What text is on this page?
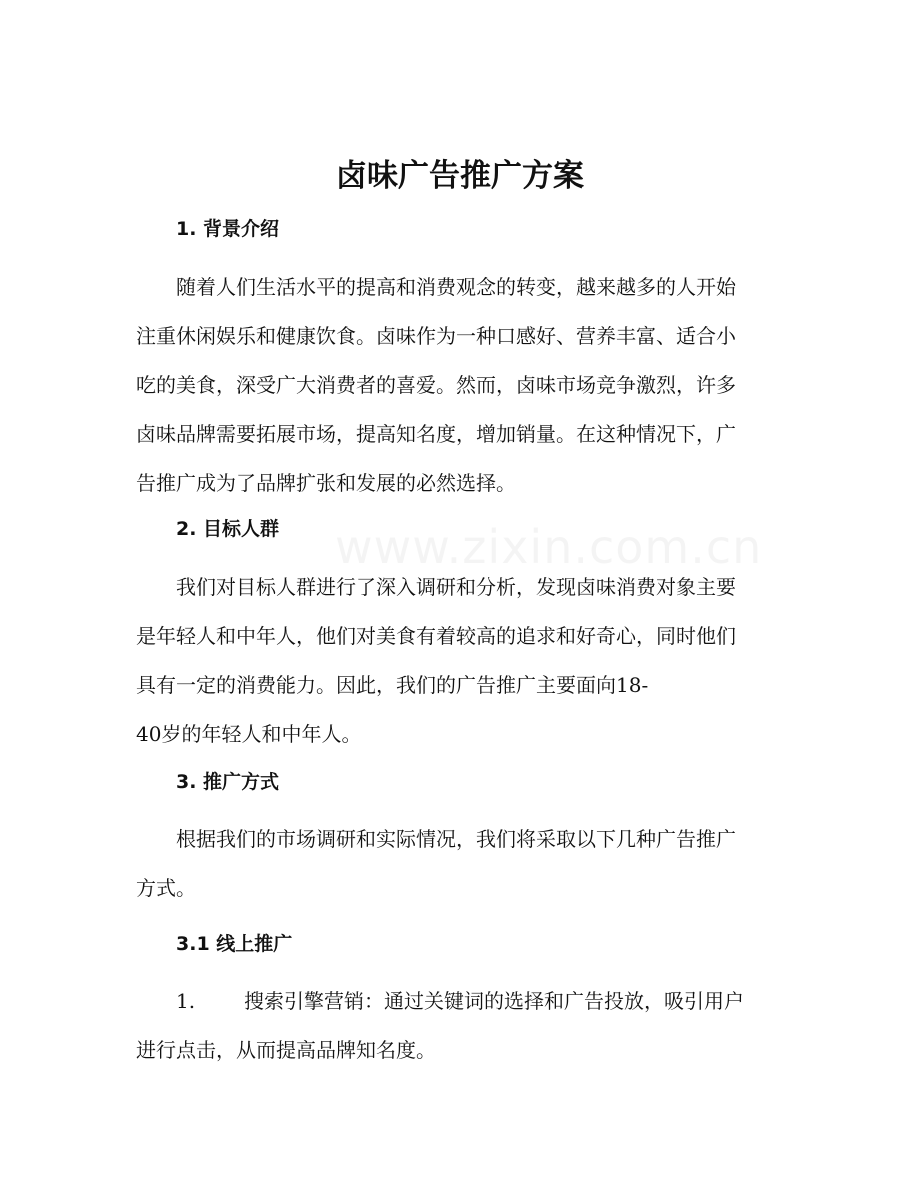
卤味广告推广方案
1. 背景介绍

随着人们生活水平的提高和消费观念的转变，越来越多的人开始
注重休闲娱乐和健康饮食。卤味作为一种口感好、营养丰富、适合小
吃的美食，深受广大消费者的喜爱。然而，卤味市场竞争激烈，许多
卤味品牌需要拓展市场，提高知名度，增加销量。在这种情况下，广
告推广成为了品牌扩张和发展的必然选择。

2. 目标人群

我们对目标人群进行了深入调研和分析，发现卤味消费对象主要
是年轻人和中年人，他们对美食有着较高的追求和好奇心，同时他们
具有一定的消费能力。因此，我们的广告推广主要面向18-
40岁的年轻人和中年人。

3. 推广方式

根据我们的市场调研和实际情况，我们将采取以下几种广告推广
方式。

3.1 线上推广
1. 搜索引擎营销：通过关键词的选择和广告投放，吸引用户
进行点击，从而提高品牌知名度。
